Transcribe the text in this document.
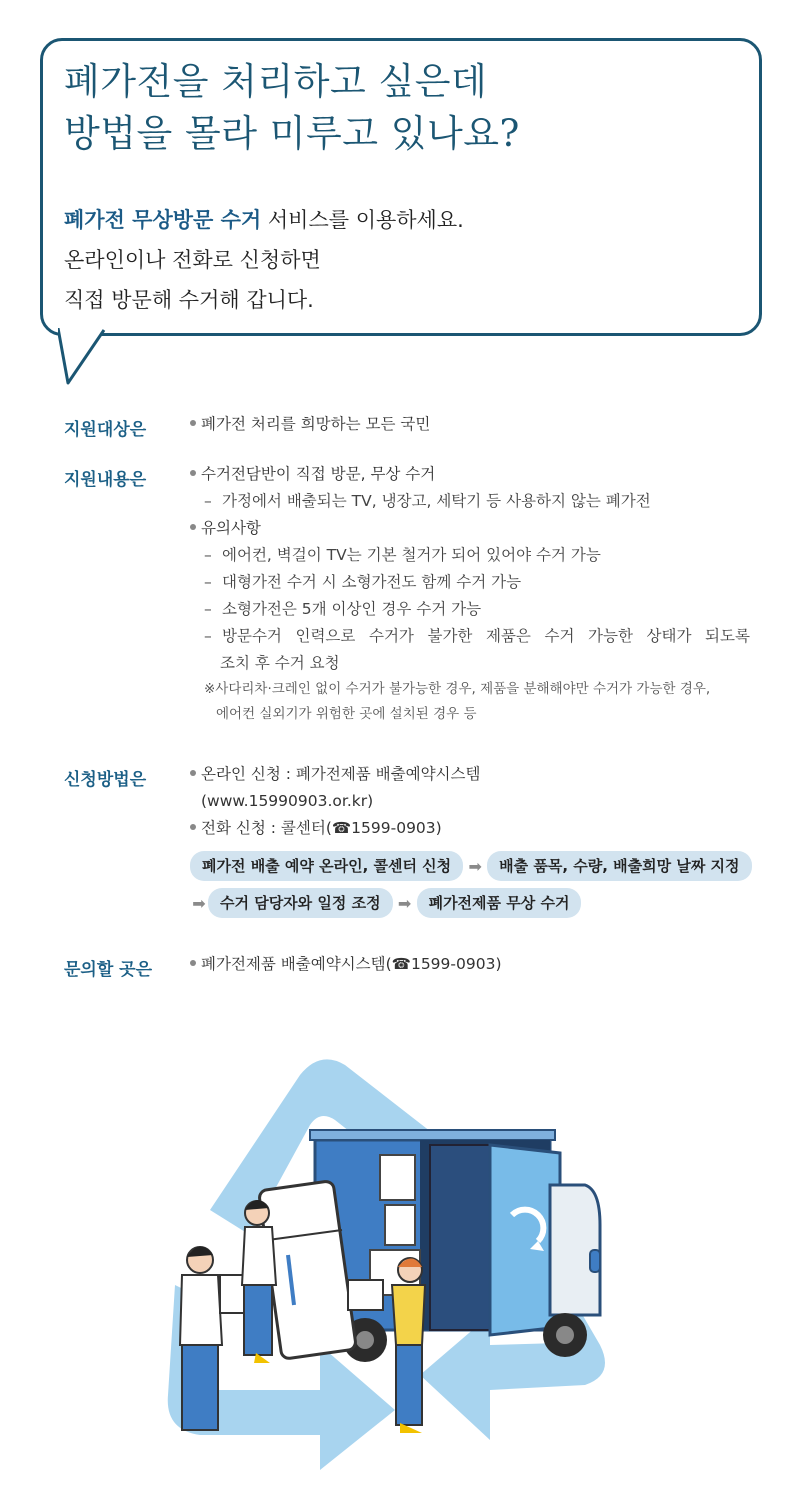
폐가전을 처리하고 싶은데
방법을 몰라 미루고 있나요?
폐가전 무상방문 수거 서비스를 이용하세요.
온라인이나 전화로 신청하면
직접 방문해 수거해 갑니다.
지원대상은	폐가전 처리를 희망하는 모든 국민
지원내용은	수거전담반이 직접 방문, 무상 수거
– 가정에서 배출되는 TV, 냉장고, 세탁기 등 사용하지 않는 폐가전
유의사항
– 에어컨, 벽걸이 TV는 기본 철거가 되어 있어야 수거 가능
– 대형가전 수거 시 소형가전도 함께 수거 가능
– 소형가전은 5개 이상인 경우 수거 가능
– 방문수거 인력으로 수거가 불가한 제품은 수거 가능한 상태가 되도록
조치 후 수거 요청
※사다리차·크레인 없이 수거가 불가능한 경우, 제품을 분해해야만 수거가 가능한 경우,
에어컨 실외기가 위험한 곳에 설치된 경우 등
신청방법은	온라인 신청 : 폐가전제품 배출예약시스템
(www.15990903.or.kr)
전화 신청 : 콜센터(☎1599-0903)
폐가전 배출 예약 온라인, 콜센터 신청	➡	배출 품목, 수량, 배출희망 날짜 지정
➡ 수거 담당자와 일정 조정	➡	폐가전제품 무상 수거
문의할 곳은	폐가전제품 배출예약시스템(☎1599-0903)
